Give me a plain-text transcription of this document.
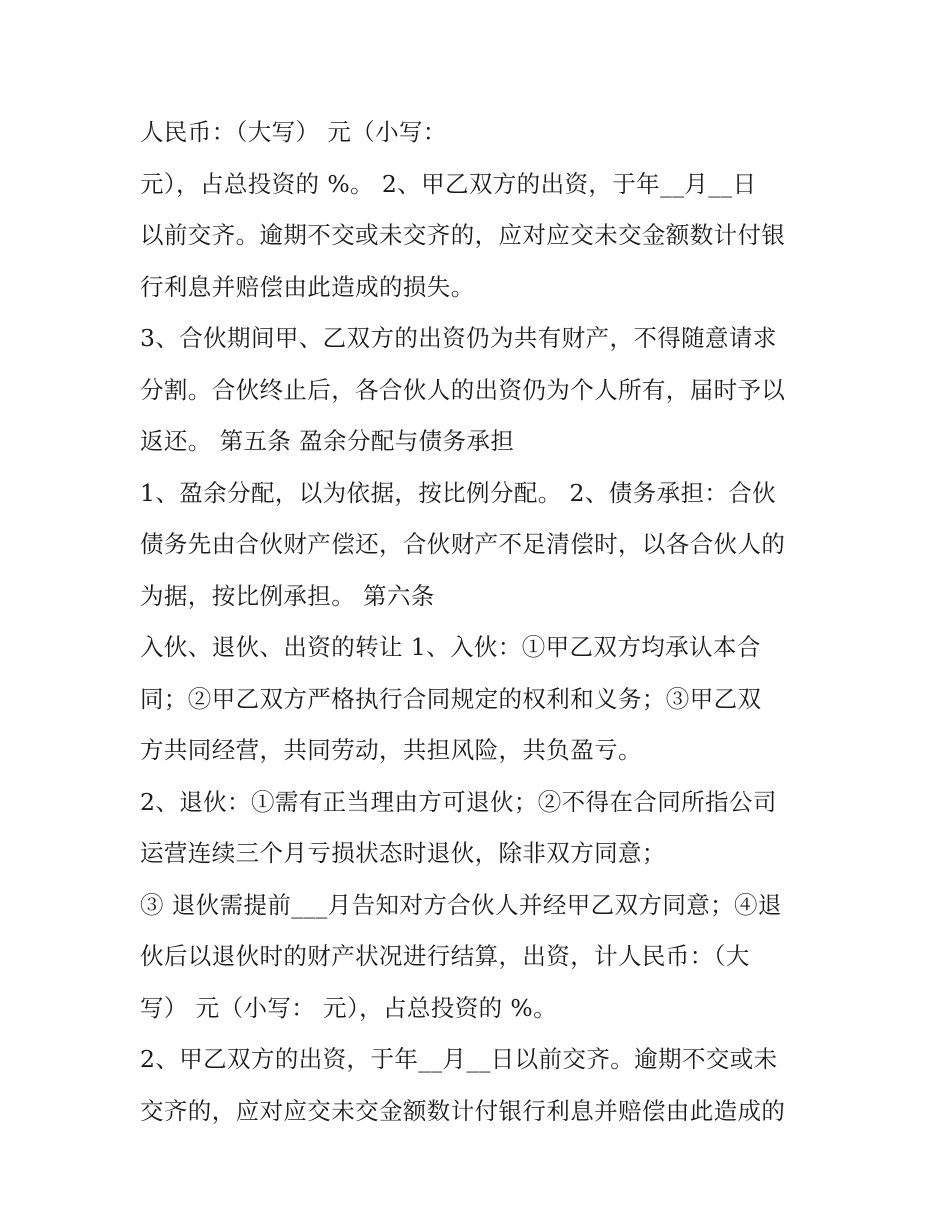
人民币：（大写） 元（小写：
元），占总投资的 %。 2、甲乙双方的出资，于年__月__日
以前交齐。逾期不交或未交齐的，应对应交未交金额数计付银
行利息并赔偿由此造成的损失。
3、合伙期间甲、乙双方的出资仍为共有财产，不得随意请求
分割。合伙终止后，各合伙人的出资仍为个人所有，届时予以
返还。 第五条 盈余分配与债务承担
1、盈余分配，以为依据，按比例分配。 2、债务承担：合伙
债务先由合伙财产偿还，合伙财产不足清偿时，以各合伙人的
为据，按比例承担。 第六条
入伙、退伙、出资的转让 1、入伙：①甲乙双方均承认本合
同；②甲乙双方严格执行合同规定的权利和义务；③甲乙双
方共同经营，共同劳动，共担风险，共负盈亏。
2、退伙：①需有正当理由方可退伙；②不得在合同所指公司
运营连续三个月亏损状态时退伙，除非双方同意；
③ 退伙需提前___月告知对方合伙人并经甲乙双方同意；④退
伙后以退伙时的财产状况进行结算，出资，计人民币：（大
写） 元（小写： 元），占总投资的 %。
2、甲乙双方的出资，于年__月__日以前交齐。逾期不交或未
交齐的，应对应交未交金额数计付银行利息并赔偿由此造成的
